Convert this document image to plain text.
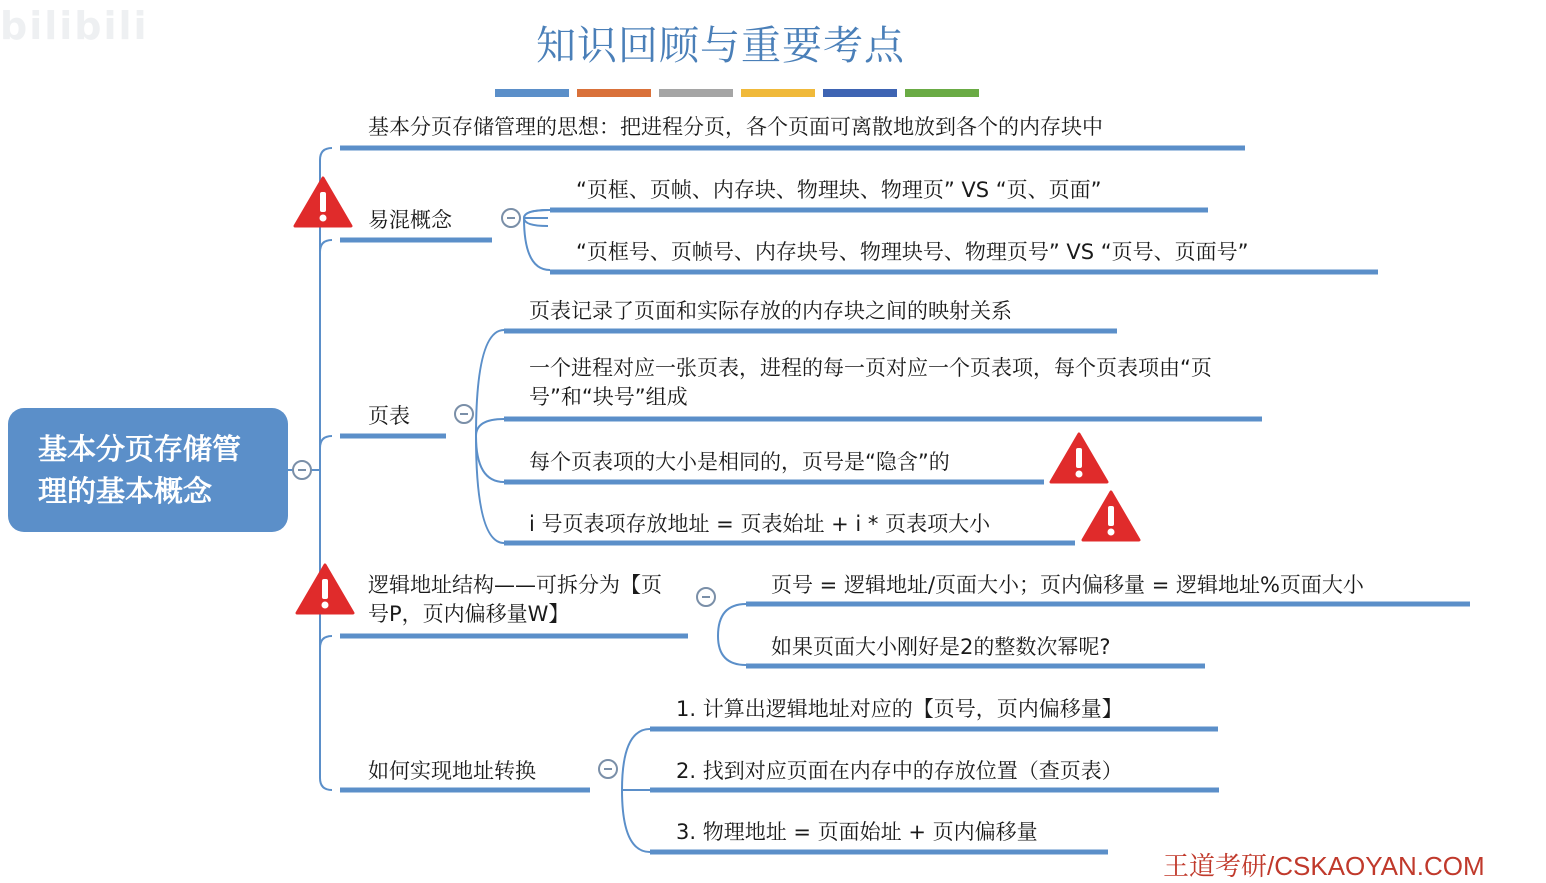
bilibili	知识回顾与重要考点
基本分页存储管理的基本概念
基本分页存储管理的思想：把进程分页，各个页面可离散地放到各个的内存块中
易混概念
“页框、页帧、内存块、物理块、物理页” VS “页、页面”
“页框号、页帧号、内存块号、物理块号、物理页号” VS “页号、页面号”
页表
页表记录了页面和实际存放的内存块之间的映射关系
一个进程对应一张页表，进程的每一页对应一个页表项，每个页表项由“页号”和“块号”组成
每个页表项的大小是相同的，页号是“隐含”的
i 号页表项存放地址 = 页表始址 + i * 页表项大小
逻辑地址结构——可拆分为【页号P，页内偏移量W】
页号 = 逻辑地址/页面大小；页内偏移量 = 逻辑地址%页面大小
如果页面大小刚好是2的整数次幂呢?
如何实现地址转换
1. 计算出逻辑地址对应的【页号，页内偏移量】
2. 找到对应页面在内存中的存放位置（查页表）
3. 物理地址 = 页面始址 + 页内偏移量
王道考研/CSKAOYAN.COM
